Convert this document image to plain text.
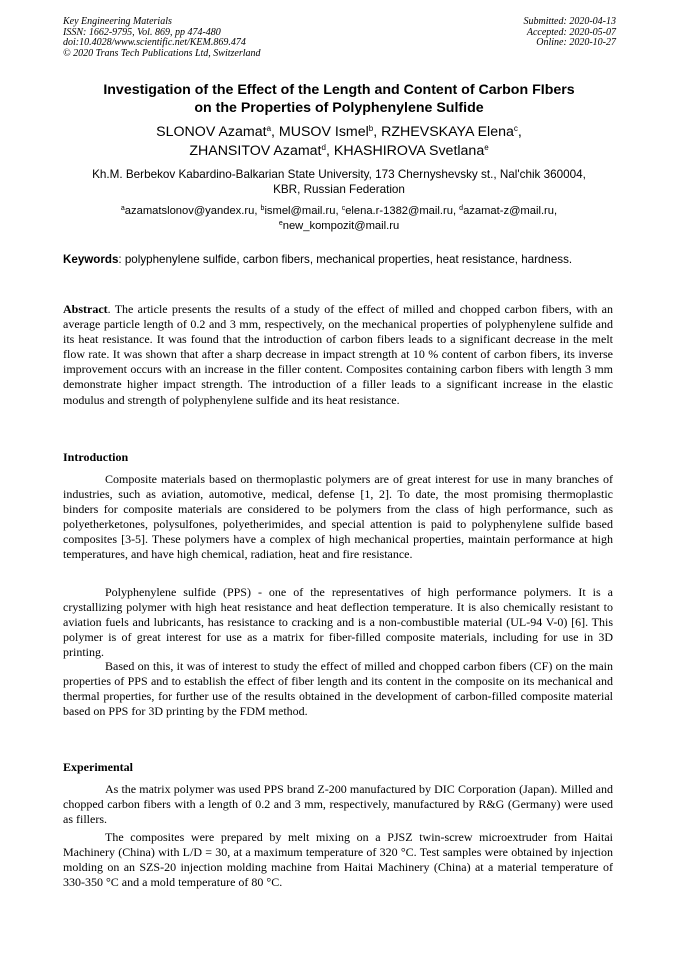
Key Engineering Materials
ISSN: 1662-9795, Vol. 869, pp 474-480
doi:10.4028/www.scientific.net/KEM.869.474
© 2020 Trans Tech Publications Ltd, Switzerland
Submitted: 2020-04-13
Accepted: 2020-05-07
Online: 2020-10-27
Investigation of the Effect of the Length and Content of Carbon FIbers
on the Properties of Polyphenylene Sulfide
SLONOV Azamat$^a$, MUSOV Ismel$^b$, RZHEVSKAYA Elena$^c$,
ZHANSITOV Azamat$^d$, KHASHIROVA Svetlana$^e$
Kh.M. Berbekov Kabardino-Balkarian State University, 173 Chernyshevsky st., Nal'chik 360004,
KBR, Russian Federation
$^a$azamatslonov@yandex.ru, $^b$ismel@mail.ru, $^c$elena.r-1382@mail.ru, $^d$azamat-z@mail.ru,
$^e$new_kompozit@mail.ru
Keywords: polyphenylene sulfide, carbon fibers, mechanical properties, heat resistance, hardness.
Abstract. The article presents the results of a study of the effect of milled and chopped carbon fibers, with an average particle length of 0.2 and 3 mm, respectively, on the mechanical properties of polyphenylene sulfide and its heat resistance. It was found that the introduction of carbon fibers leads to a significant decrease in the melt flow rate. It was shown that after a sharp decrease in impact strength at 10 % content of carbon fibers, its inverse improvement occurs with an increase in the filler content. Composites containing carbon fibers with length 3 mm demonstrate higher impact strength. The introduction of a filler leads to a significant increase in the elastic modulus and strength of polyphenylene sulfide and its heat resistance.
Introduction
Composite materials based on thermoplastic polymers are of great interest for use in many branches of industries, such as aviation, automotive, medical, defense [1, 2]. To date, the most promising thermoplastic binders for composite materials are considered to be polymers from the class of high performance, such as polyetherketones, polysulfones, polyetherimides, and special attention is paid to polyphenylene sulfide based composites [3-5]. These polymers have a complex of high mechanical properties, maintain performance at high temperatures, and have high chemical, radiation, heat and fire resistance.
Polyphenylene sulfide (PPS) - one of the representatives of high performance polymers. It is a crystallizing polymer with high heat resistance and heat deflection temperature. It is also chemically resistant to aviation fuels and lubricants, has resistance to cracking and is a non-combustible material (UL-94 V-0) [6]. This polymer is of great interest for use as a matrix for fiber-filled composite materials, including for use in 3D printing.
Based on this, it was of interest to study the effect of milled and chopped carbon fibers (CF) on the main properties of PPS and to establish the effect of fiber length and its content in the composite on its mechanical and thermal properties, for further use of the results obtained in the development of carbon-filled composite material based on PPS for 3D printing by the FDM method.
Experimental
As the matrix polymer was used PPS brand Z-200 manufactured by DIC Corporation (Japan). Milled and chopped carbon fibers with a length of 0.2 and 3 mm, respectively, manufactured by R&G (Germany) were used as fillers.
The composites were prepared by melt mixing on a PJSZ twin-screw microextruder from Haitai Machinery (China) with L/D = 30, at a maximum temperature of 320 °C. Test samples were obtained by injection molding on an SZS-20 injection molding machine from Haitai Machinery (China) at a material temperature of 330-350 °C and a mold temperature of 80 °C.
